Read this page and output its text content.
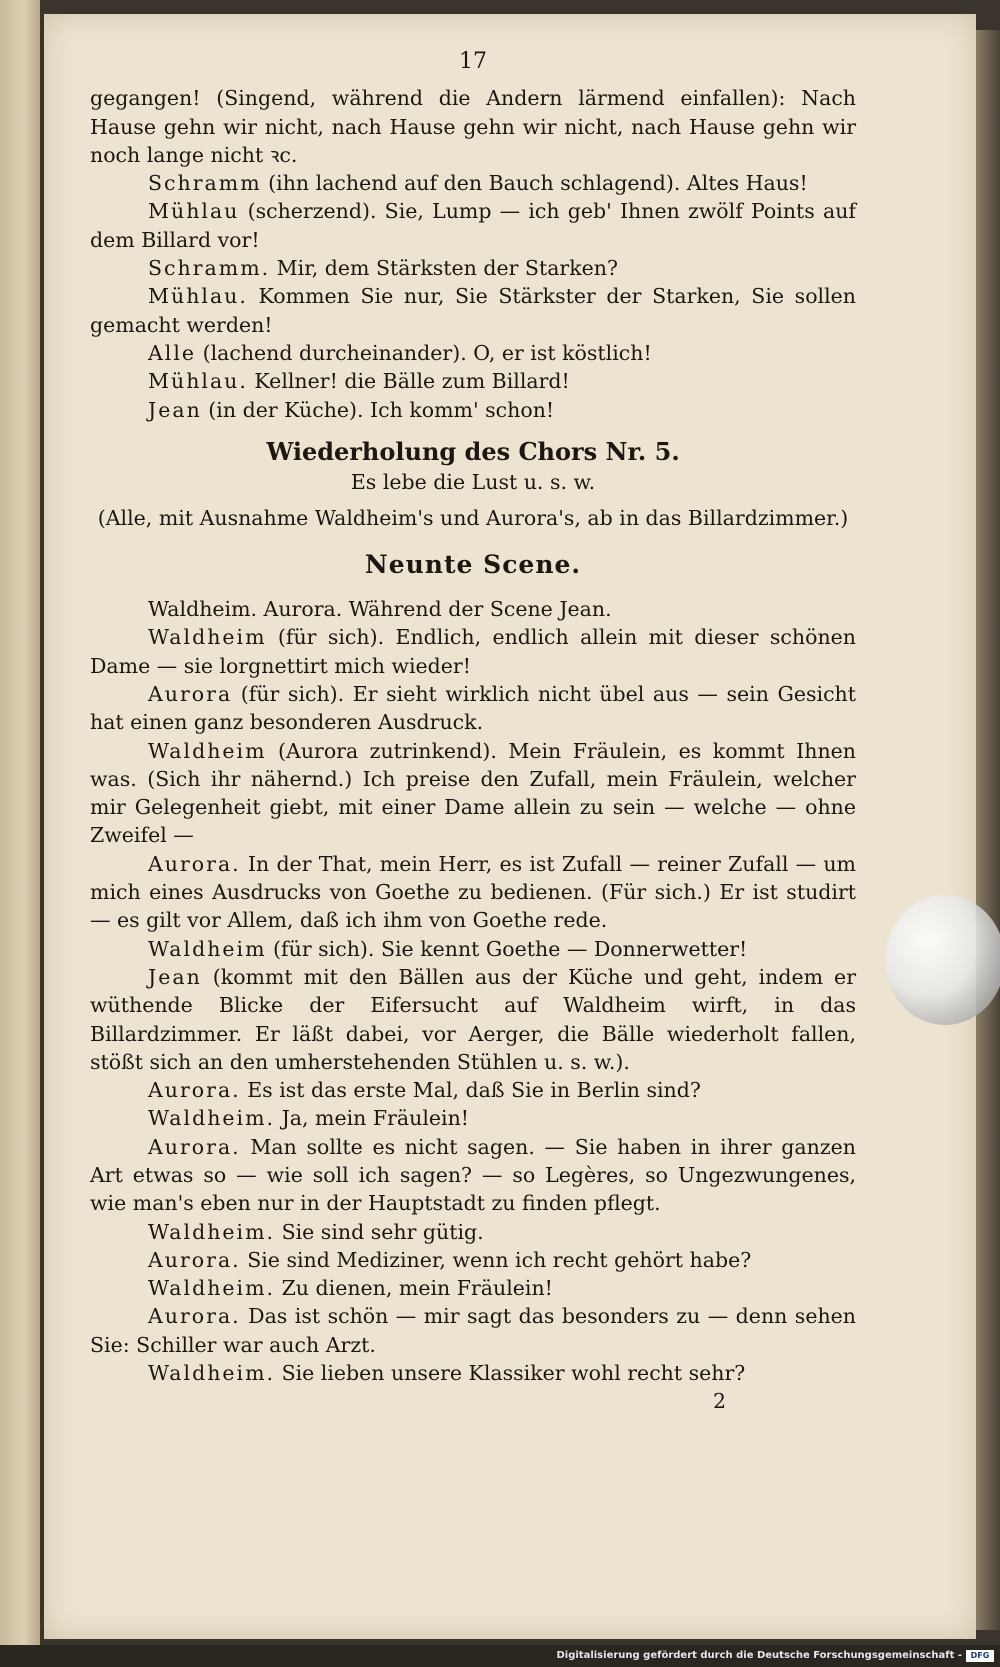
17

gegangen! (Singend, während die Andern lärmend einfallen): Nach Hause gehn wir nicht, nach Hause gehn wir nicht, nach Hause gehn wir noch lange nicht ꝛc.

Schramm (ihn lachend auf den Bauch schlagend). Altes Haus!

Mühlau (scherzend). Sie, Lump — ich geb' Ihnen zwölf Points auf dem Billard vor!

Schramm. Mir, dem Stärksten der Starken?

Mühlau. Kommen Sie nur, Sie Stärkster der Starken, Sie sollen gemacht werden!

Alle (lachend durcheinander). O, er ist köstlich!

Mühlau. Kellner! die Bälle zum Billard!

Jean (in der Küche). Ich komm' schon!

Wiederholung des Chors Nr. 5.

Es lebe die Lust u. s. w.

(Alle, mit Ausnahme Waldheim's und Aurora's, ab in das Billardzimmer.)

Neunte Scene.

Waldheim. Aurora. Während der Scene Jean.

Waldheim (für sich). Endlich, endlich allein mit dieser schönen Dame — sie lorgnettirt mich wieder!

Aurora (für sich). Er sieht wirklich nicht übel aus — sein Gesicht hat einen ganz besonderen Ausdruck.

Waldheim (Aurora zutrinkend). Mein Fräulein, es kommt Ihnen was. (Sich ihr nähernd.) Ich preise den Zufall, mein Fräulein, welcher mir Gelegenheit giebt, mit einer Dame allein zu sein — welche — ohne Zweifel —

Aurora. In der That, mein Herr, es ist Zufall — reiner Zufall — um mich eines Ausdrucks von Goethe zu bedienen. (Für sich.) Er ist studirt — es gilt vor Allem, daß ich ihm von Goethe rede.

Waldheim (für sich). Sie kennt Goethe — Donnerwetter!

Jean (kommt mit den Bällen aus der Küche und geht, indem er wüthende Blicke der Eifersucht auf Waldheim wirft, in das Billardzimmer. Er läßt dabei, vor Aerger, die Bälle wiederholt fallen, stößt sich an den umherstehenden Stühlen u. s. w.).

Aurora. Es ist das erste Mal, daß Sie in Berlin sind?

Waldheim. Ja, mein Fräulein!

Aurora. Man sollte es nicht sagen. — Sie haben in ihrer ganzen Art etwas so — wie soll ich sagen? — so Legères, so Ungezwungenes, wie man's eben nur in der Hauptstadt zu finden pflegt.

Waldheim. Sie sind sehr gütig.

Aurora. Sie sind Mediziner, wenn ich recht gehört habe?

Waldheim. Zu dienen, mein Fräulein!

Aurora. Das ist schön — mir sagt das besonders zu — denn sehen Sie: Schiller war auch Arzt.

Waldheim. Sie lieben unsere Klassiker wohl recht sehr?

2

Digitalisierung gefördert durch die Deutsche Forschungsgemeinschaft -	DFG
